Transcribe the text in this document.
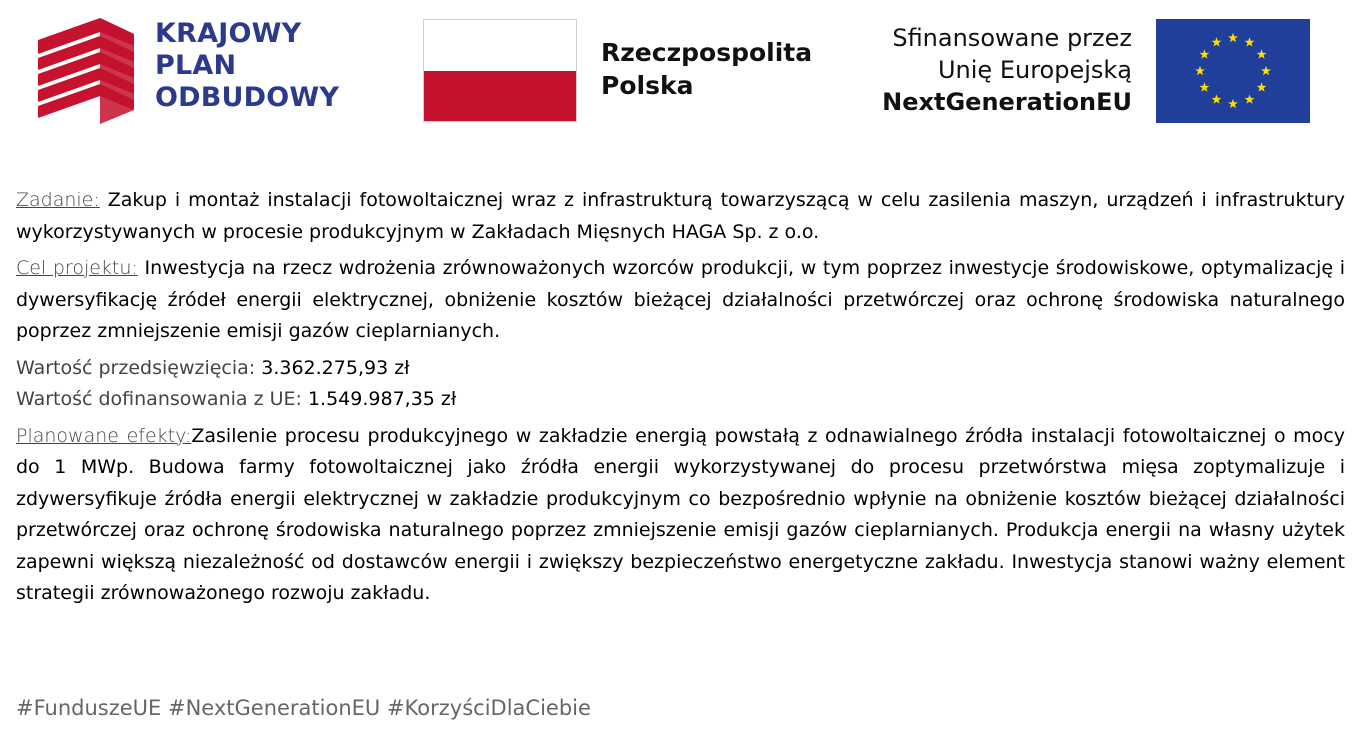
KRAJOWY
PLAN
ODBUDOWY
Rzeczpospolita
Polska
Sfinansowane przez
Unię Europejską
NextGenerationEU

Zadanie: Zakup i montaż instalacji fotowoltaicznej wraz z infrastrukturą towarzyszącą w celu zasilenia maszyn, urządzeń i infrastruktury wykorzystywanych w procesie produkcyjnym w Zakładach Mięsnych HAGA Sp. z o.o.

Cel projektu: Inwestycja na rzecz wdrożenia zrównoważonych wzorców produkcji, w tym poprzez inwestycje środowiskowe, optymalizację i dywersyfikację źródeł energii elektrycznej, obniżenie kosztów bieżącej działalności przetwórczej oraz ochronę środowiska naturalnego poprzez zmniejszenie emisji gazów cieplarnianych.

Wartość przedsięwzięcia: 3.362.275,93 zł

Wartość dofinansowania z UE: 1.549.987,35 zł

Planowane efekty:Zasilenie procesu produkcyjnego w zakładzie energią powstałą z odnawialnego źródła instalacji fotowoltaicznej o mocy do 1 MWp. Budowa farmy fotowoltaicznej jako źródła energii wykorzystywanej do procesu przetwórstwa mięsa zoptymalizuje i zdywersyfikuje źródła energii elektrycznej w zakładzie produkcyjnym co bezpośrednio wpłynie na obniżenie kosztów bieżącej działalności przetwórczej oraz ochronę środowiska naturalnego poprzez zmniejszenie emisji gazów cieplarnianych. Produkcja energii na własny użytek zapewni większą niezależność od dostawców energii i zwiększy bezpieczeństwo energetyczne zakładu. Inwestycja stanowi ważny element strategii zrównoważonego rozwoju zakładu.

#FunduszeUE #NextGenerationEU #KorzyściDlaCiebie
